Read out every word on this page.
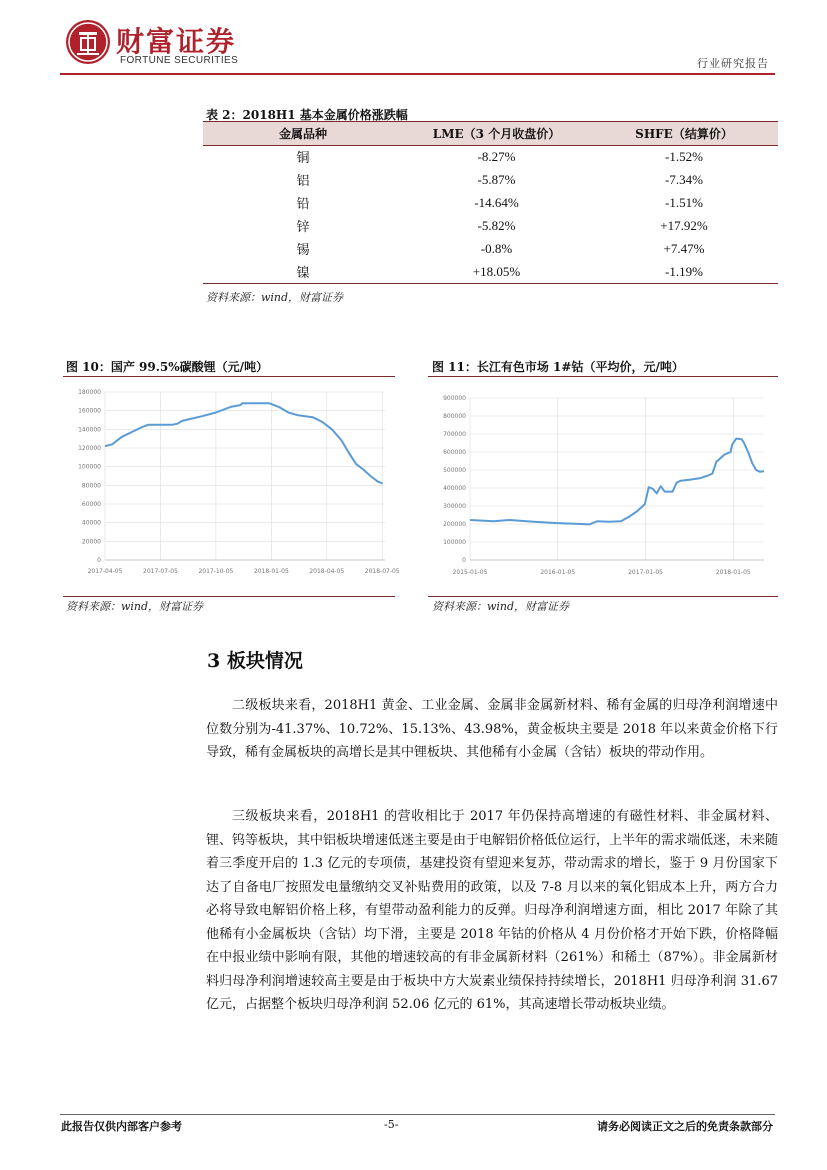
财富证券
FORTUNE SECURITIES	行业研究报告
表 2：2018H1 基本金属价格涨跌幅
金属品种	LME（3 个月收盘价）	SHFE（结算价）
铜	-8.27%	-1.52%
铝	-5.87%	-7.34%
铅	-14.64%	-1.51%
锌	-5.82%	+17.92%
锡	-0.8%	+7.47%
镍	+18.05%	-1.19%
资料来源：wind，财富证券
图 10：国产 99.5%碳酸锂（元/吨）
0
20000
40000
60000
80000
100000
120000
140000
160000
180000
2017-04-05	2017-07-05	2017-10-05	2018-01-05	2018-04-05	2018-07-05
资料来源：wind，财富证券
图 11：长江有色市场 1#钴（平均价，元/吨）
0
100000
200000
300000
400000
500000
600000
700000
800000
900000
2015-01-05	2016-01-05	2017-01-05	2018-01-05
资料来源：wind，财富证券
3 板块情况

二级板块来看，2018H1 黄金、工业金属、金属非金属新材料、稀有金属的归母净利润增速中位数分别为-41.37%、10.72%、15.13%、43.98%，黄金板块主要是 2018 年以来黄金价格下行导致，稀有金属板块的高增长是其中锂板块、其他稀有小金属（含钴）板块的带动作用。

三级板块来看，2018H1 的营收相比于 2017 年仍保持高增速的有磁性材料、非金属材料、锂、钨等板块，其中铝板块增速低迷主要是由于电解铝价格低位运行，上半年的需求端低迷，未来随着三季度开启的 1.3 亿元的专项债，基建投资有望迎来复苏，带动需求的增长，鉴于 9 月份国家下达了自备电厂按照发电量缴纳交叉补贴费用的政策，以及 7-8 月以来的氧化铝成本上升，两方合力必将导致电解铝价格上移，有望带动盈利能力的反弹。归母净利润增速方面，相比 2017 年除了其他稀有小金属板块（含钴）均下滑，主要是 2018 年钴的价格从 4 月份价格才开始下跌，价格降幅在中报业绩中影响有限，其他的增速较高的有非金属新材料（261%）和稀土（87%）。非金属新材料归母净利润增速较高主要是由于板块中方大炭素业绩保持持续增长，2018H1 归母净利润 31.67 亿元，占据整个板块归母净利润 52.06 亿元的 61%，其高速增长带动板块业绩。

此报告仅供内部客户参考	-5-	请务必阅读正文之后的免责条款部分
